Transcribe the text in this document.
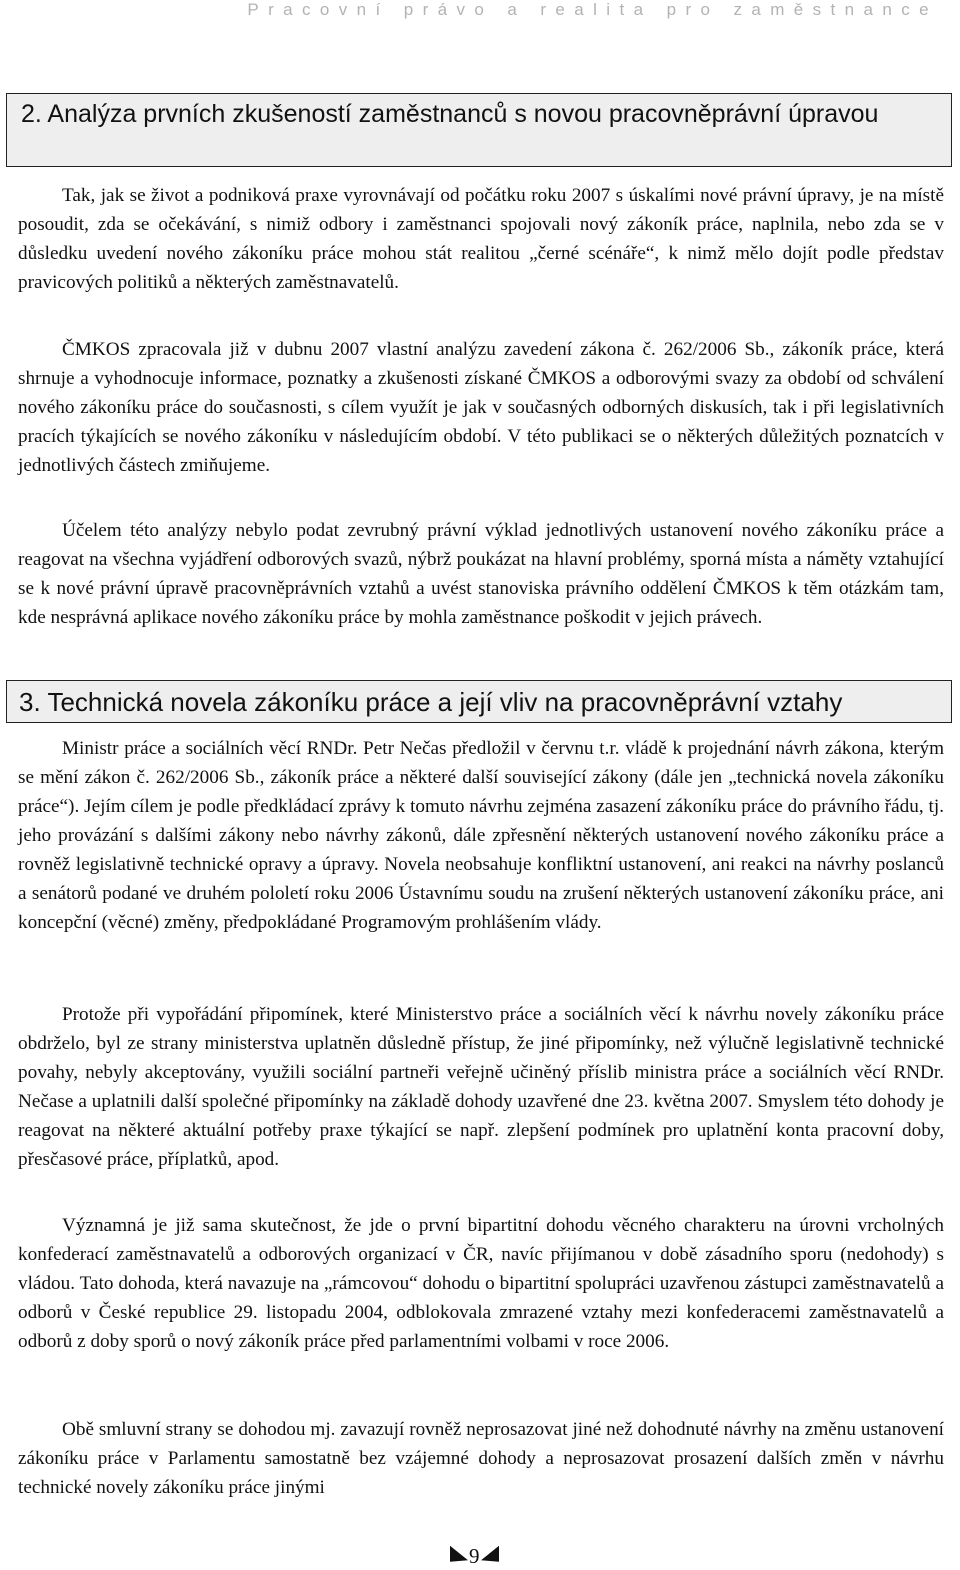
Pracovní právo a realita pro zaměstnance
2. Analýza prvních zkušeností zaměstnanců s novou pracovněprávní úpravou

Tak, jak se život a podniková praxe vyrovnávají od počátku roku 2007 s úskalími nové právní úpravy, je na místě posoudit, zda se očekávání, s nimiž odbory i zaměstnanci spojovali nový zákoník práce, naplnila, nebo zda se v důsledku uvedení nového zákoníku práce mohou stát realitou „černé scénáře“, k nimž mělo dojít podle představ pravicových politiků a některých zaměstnavatelů.

ČMKOS zpracovala již v dubnu 2007 vlastní analýzu zavedení zákona č. 262/2006 Sb., zákoník práce, která shrnuje a vyhodnocuje informace, poznatky a zkušenosti získané ČMKOS a odborovými svazy za období od schválení nového zákoníku práce do současnosti, s cílem využít je jak v současných odborných diskusích, tak i při legislativních pracích týkajících se nového zákoníku v následujícím období. V této publikaci se o některých důležitých poznatcích v jednotlivých částech zmiňujeme.

Účelem této analýzy nebylo podat zevrubný právní výklad jednotlivých ustanovení nového zákoníku práce a reagovat na všechna vyjádření odborových svazů, nýbrž poukázat na hlavní problémy, sporná místa a náměty vztahující se k nové právní úpravě pracovněprávních vztahů a uvést stanoviska právního oddělení ČMKOS k těm otázkám tam, kde nesprávná aplikace nového zákoníku práce by mohla zaměstnance poškodit v jejich právech.

3. Technická novela zákoníku práce a její vliv na pracovněprávní vztahy

Ministr práce a sociálních věcí RNDr. Petr Nečas předložil v červnu t.r. vládě k projednání návrh zákona, kterým se mění zákon č. 262/2006 Sb., zákoník práce a některé další související zákony (dále jen „technická novela zákoníku práce“). Jejím cílem je podle předkládací zprávy k tomuto návrhu zejména zasazení zákoníku práce do právního řádu, tj. jeho provázání s dalšími zákony nebo návrhy zákonů, dále zpřesnění některých ustanovení nového zákoníku práce a rovněž legislativně technické opravy a úpravy. Novela neobsahuje konfliktní ustanovení, ani reakci na návrhy poslanců a senátorů podané ve druhém pololetí roku 2006 Ústavnímu soudu na zrušení některých ustanovení zákoníku práce, ani koncepční (věcné) změny, předpokládané Programovým prohlášením vlády.

Protože při vypořádání připomínek, které Ministerstvo práce a sociálních věcí k návrhu novely zákoníku práce obdrželo, byl ze strany ministerstva uplatněn důsledně přístup, že jiné připomínky, než výlučně legislativně technické povahy, nebyly akceptovány, využili sociální partneři veřejně učiněný příslib ministra práce a sociálních věcí RNDr. Nečase a uplatnili další společné připomínky na základě dohody uzavřené dne 23. května 2007. Smyslem této dohody je reagovat na některé aktuální potřeby praxe týkající se např. zlepšení podmínek pro uplatnění konta pracovní doby, přesčasové práce, příplatků, apod.

Významná je již sama skutečnost, že jde o první bipartitní dohodu věcného charakteru na úrovni vrcholných konfederací zaměstnavatelů a odborových organizací v ČR, navíc přijímanou v době zásadního sporu (nedohody) s vládou. Tato dohoda, která navazuje na „rámcovou“ dohodu o bipartitní spolupráci uzavřenou zástupci zaměstnavatelů a odborů v České republice 29. listopadu 2004, odblokovala zmrazené vztahy mezi konfederacemi zaměstnavatelů a odborů z doby sporů o nový zákoník práce před parlamentními volbami v roce 2006.

Obě smluvní strany se dohodou mj. zavazují rovněž neprosazovat jiné než dohodnuté návrhy na změnu ustanovení zákoníku práce v Parlamentu samostatně bez vzájemné dohody a neprosazovat prosazení dalších změn v návrhu technické novely zákoníku práce jinými

9
